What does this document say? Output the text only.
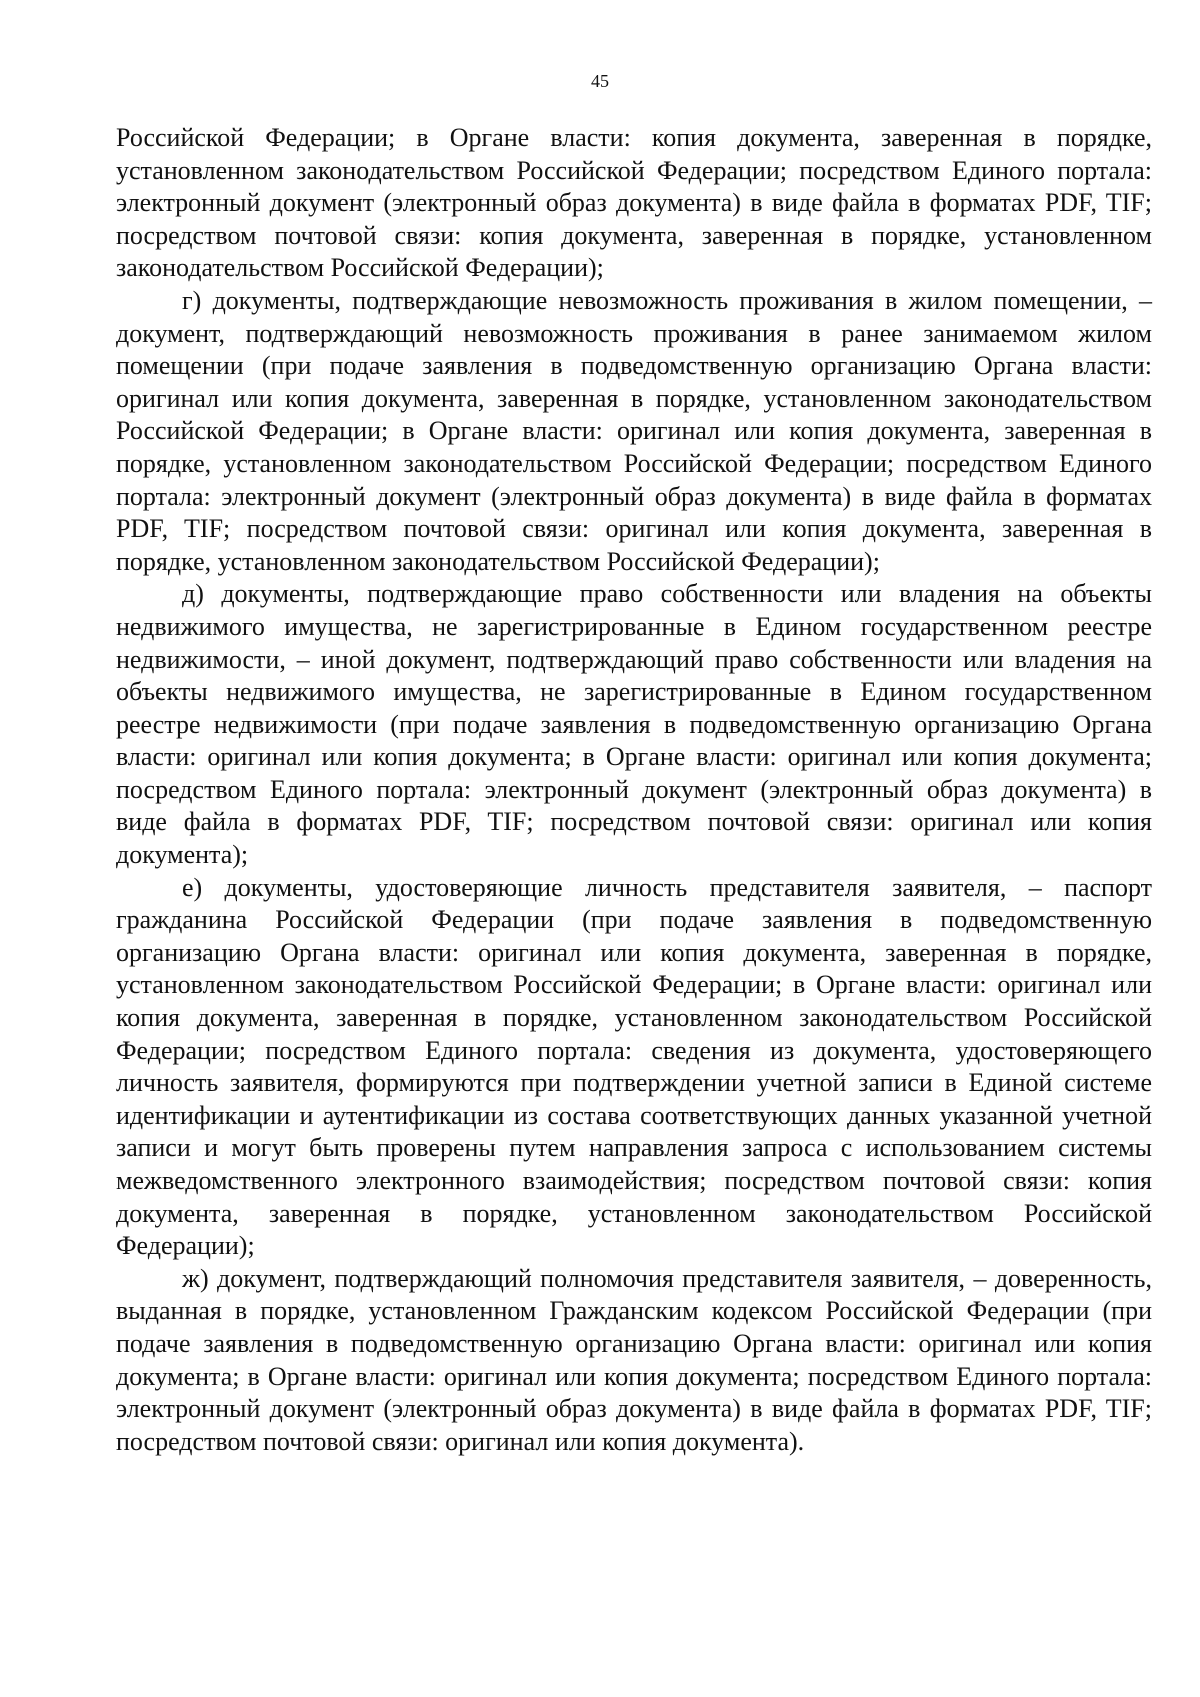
45

Российской Федерации; в Органе власти: копия документа, заверенная в порядке, установленном законодательством Российской Федерации; посредством Единого портала: электронный документ (электронный образ документа) в виде файла в форматах PDF, TIF; посредством почтовой связи: копия документа, заверенная в порядке, установленном законодательством Российской Федерации);

г) документы, подтверждающие невозможность проживания в жилом помещении, – документ, подтверждающий невозможность проживания в ранее занимаемом жилом помещении (при подаче заявления в подведомственную организацию Органа власти: оригинал или копия документа, заверенная в порядке, установленном законодательством Российской Федерации; в Органе власти: оригинал или копия документа, заверенная в порядке, установленном законодательством Российской Федерации; посредством Единого портала: электронный документ (электронный образ документа) в виде файла в форматах PDF, TIF; посредством почтовой связи: оригинал или копия документа, заверенная в порядке, установленном законодательством Российской Федерации);

д) документы, подтверждающие право собственности или владения на объекты недвижимого имущества, не зарегистрированные в Едином государственном реестре недвижимости, – иной документ, подтверждающий право собственности или владения на объекты недвижимого имущества, не зарегистрированные в Едином государственном реестре недвижимости (при подаче заявления в подведомственную организацию Органа власти: оригинал или копия документа; в Органе власти: оригинал или копия документа; посредством Единого портала: электронный документ (электронный образ документа) в виде файла в форматах PDF, TIF; посредством почтовой связи: оригинал или копия документа);

е) документы, удостоверяющие личность представителя заявителя, – паспорт гражданина Российской Федерации (при подаче заявления в подведомственную организацию Органа власти: оригинал или копия документа, заверенная в порядке, установленном законодательством Российской Федерации; в Органе власти: оригинал или копия документа, заверенная в порядке, установленном законодательством Российской Федерации; посредством Единого портала: сведения из документа, удостоверяющего личность заявителя, формируются при подтверждении учетной записи в Единой системе идентификации и аутентификации из состава соответствующих данных указанной учетной записи и могут быть проверены путем направления запроса с использованием системы межведомственного электронного взаимодействия; посредством почтовой связи: копия документа, заверенная в порядке, установленном законодательством Российской Федерации);

ж) документ, подтверждающий полномочия представителя заявителя, – доверенность, выданная в порядке, установленном Гражданским кодексом Российской Федерации (при подаче заявления в подведомственную организацию Органа власти: оригинал или копия документа; в Органе власти: оригинал или копия документа; посредством Единого портала: электронный документ (электронный образ документа) в виде файла в форматах PDF, TIF; посредством почтовой связи: оригинал или копия документа).
